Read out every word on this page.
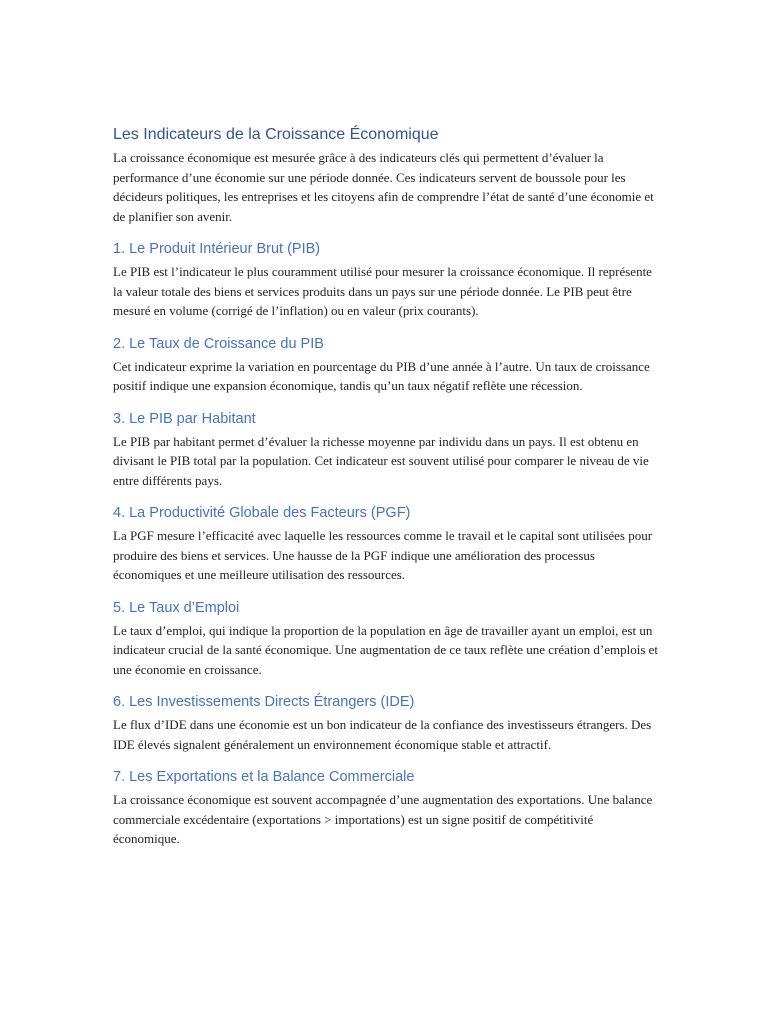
Les Indicateurs de la Croissance Économique

La croissance économique est mesurée grâce à des indicateurs clés qui permettent d’évaluer la performance d’une économie sur une période donnée. Ces indicateurs servent de boussole pour les décideurs politiques, les entreprises et les citoyens afin de comprendre l’état de santé d’une économie et de planifier son avenir.

1. Le Produit Intérieur Brut (PIB)

Le PIB est l’indicateur le plus couramment utilisé pour mesurer la croissance économique. Il représente la valeur totale des biens et services produits dans un pays sur une période donnée. Le PIB peut être mesuré en volume (corrigé de l’inflation) ou en valeur (prix courants).

2. Le Taux de Croissance du PIB

Cet indicateur exprime la variation en pourcentage du PIB d’une année à l’autre. Un taux de croissance positif indique une expansion économique, tandis qu’un taux négatif reflète une récession.

3. Le PIB par Habitant

Le PIB par habitant permet d’évaluer la richesse moyenne par individu dans un pays. Il est obtenu en divisant le PIB total par la population. Cet indicateur est souvent utilisé pour comparer le niveau de vie entre différents pays.

4. La Productivité Globale des Facteurs (PGF)

La PGF mesure l’efficacité avec laquelle les ressources comme le travail et le capital sont utilisées pour produire des biens et services. Une hausse de la PGF indique une amélioration des processus économiques et une meilleure utilisation des ressources.

5. Le Taux d’Emploi

Le taux d’emploi, qui indique la proportion de la population en âge de travailler ayant un emploi, est un indicateur crucial de la santé économique. Une augmentation de ce taux reflète une création d’emplois et une économie en croissance.

6. Les Investissements Directs Étrangers (IDE)

Le flux d’IDE dans une économie est un bon indicateur de la confiance des investisseurs étrangers. Des IDE élevés signalent généralement un environnement économique stable et attractif.

7. Les Exportations et la Balance Commerciale

La croissance économique est souvent accompagnée d’une augmentation des exportations. Une balance commerciale excédentaire (exportations > importations) est un signe positif de compétitivité économique.
